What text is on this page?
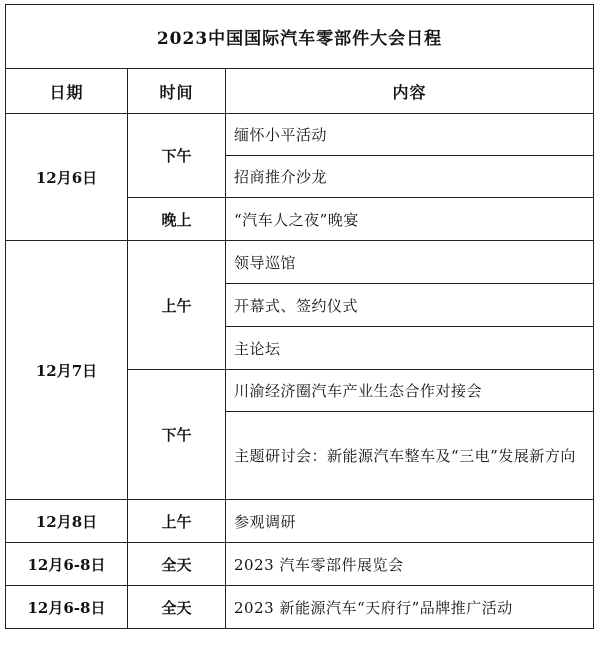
2023中国国际汽车零部件大会日程		
日期	时间	内容
12月6日	下午	缅怀小平活动
		招商推介沙龙
	晚上	“汽车人之夜”晚宴
12月7日	上午	领导巡馆
		开幕式、签约仪式
		主论坛
	下午	川渝经济圈汽车产业生态合作对接会
		主题研讨会：新能源汽车整车及“三电”发展新方向
12月8日	上午	参观调研
12月6-8日	全天	2023 汽车零部件展览会
12月6-8日	全天	2023 新能源汽车“天府行”品牌推广活动
